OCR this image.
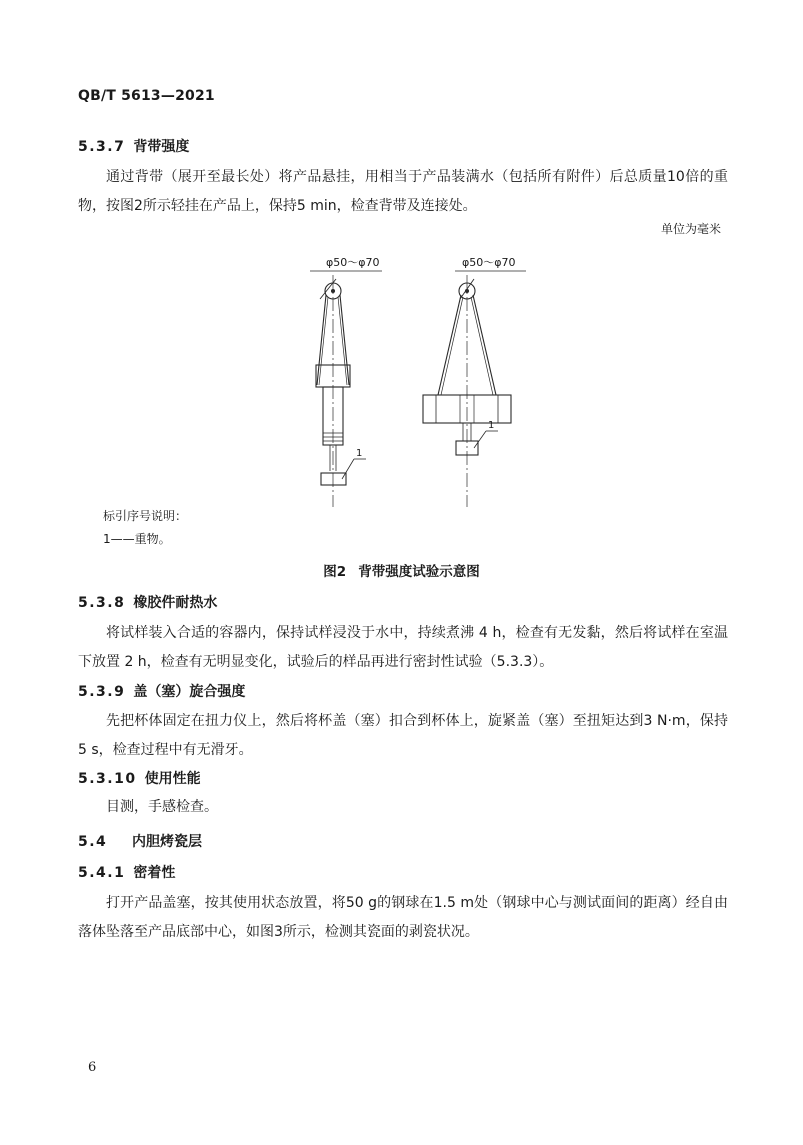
QB/T 5613—2021
5.3.7 背带强度
通过背带（展开至最长处）将产品悬挂，用相当于产品装满水（包括所有附件）后总质量10倍的重物，按图2所示轻挂在产品上，保持5 min，检查背带及连接处。
单位为毫米
φ50～φ70	φ50～φ70
1
1
标引序号说明：
1——重物。
图2 背带强度试验示意图
5.3.8 橡胶件耐热水
将试样装入合适的容器内，保持试样浸没于水中，持续煮沸 4 h，检查有无发黏，然后将试样在室温下放置 2 h，检查有无明显变化，试验后的样品再进行密封性试验（5.3.3）。
5.3.9 盖（塞）旋合强度
先把杯体固定在扭力仪上，然后将杯盖（塞）扣合到杯体上，旋紧盖（塞）至扭矩达到3 N·m，保持5 s，检查过程中有无滑牙。
5.3.10 使用性能
目测，手感检查。
5.4 内胆烤瓷层
5.4.1 密着性
打开产品盖塞，按其使用状态放置，将50 g的钢球在1.5 m处（钢球中心与测试面间的距离）经自由落体坠落至产品底部中心，如图3所示，检测其瓷面的剥瓷状况。
6
